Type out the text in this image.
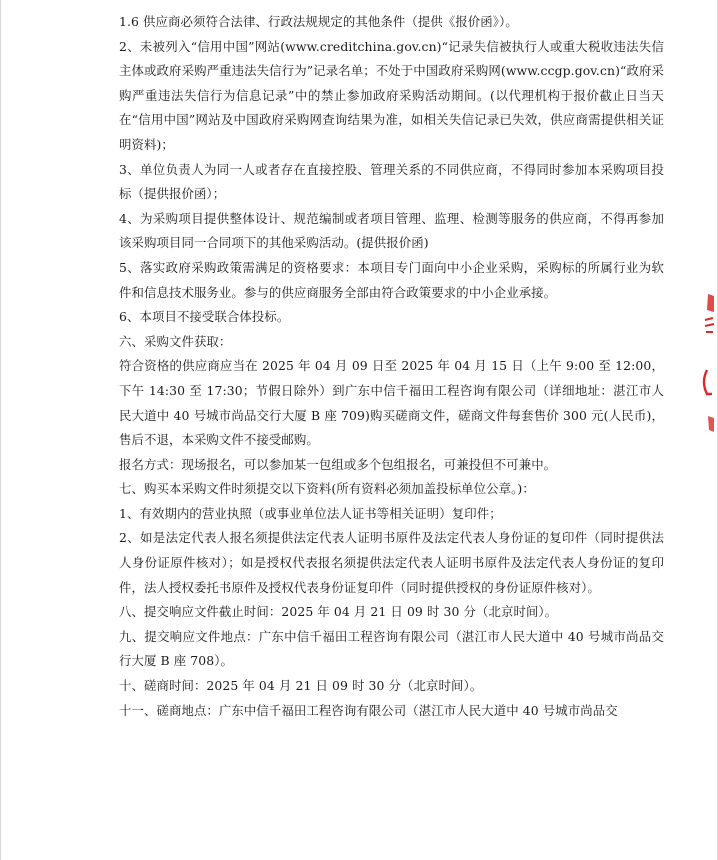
1.6 供应商必须符合法律、行政法规规定的其他条件（提供《报价函》）。

2、未被列入“信用中国”网站(www.creditchina.gov.cn)“记录失信被执行人或重大税收违法失信主体或政府采购严重违法失信行为”记录名单；不处于中国政府采购网(www.ccgp.gov.cn)“政府采购严重违法失信行为信息记录”中的禁止参加政府采购活动期间。(以代理机构于报价截止日当天在“信用中国”网站及中国政府采购网查询结果为准，如相关失信记录已失效，供应商需提供相关证明资料)；

3、单位负责人为同一人或者存在直接控股、管理关系的不同供应商，不得同时参加本采购项目投标（提供报价函）；

4、为采购项目提供整体设计、规范编制或者项目管理、监理、检测等服务的供应商，不得再参加该采购项目同一合同项下的其他采购活动。(提供报价函)

5、落实政府采购政策需满足的资格要求：本项目专门面向中小企业采购，采购标的所属行业为软件和信息技术服务业。参与的供应商服务全部由符合政策要求的中小企业承接。

6、本项目不接受联合体投标。

六、采购文件获取：

符合资格的供应商应当在 2025 年 04 月 09 日至 2025 年 04 月 15 日（上午 9:00 至 12:00，下午 14:30 至 17:30；节假日除外）到广东中信千福田工程咨询有限公司（详细地址：湛江市人民大道中 40 号城市尚品交行大厦 B 座 709)购买磋商文件，磋商文件每套售价 300 元(人民币)，售后不退，本采购文件不接受邮购。

报名方式：现场报名，可以参加某一包组或多个包组报名，可兼投但不可兼中。

七、购买本采购文件时须提交以下资料(所有资料必须加盖投标单位公章。)：

1、有效期内的营业执照（或事业单位法人证书等相关证明）复印件；

2、如是法定代表人报名须提供法定代表人证明书原件及法定代表人身份证的复印件（同时提供法人身份证原件核对）；如是授权代表报名须提供法定代表人证明书原件及法定代表人身份证的复印件，法人授权委托书原件及授权代表身份证复印件（同时提供授权的身份证原件核对）。

八、提交响应文件截止时间：2025 年 04 月 21 日 09 时 30 分（北京时间）。

九、提交响应文件地点：广东中信千福田工程咨询有限公司（湛江市人民大道中 40 号城市尚品交行大厦 B 座 708）。

十、磋商时间：2025 年 04 月 21 日 09 时 30 分（北京时间）。

十一、磋商地点：广东中信千福田工程咨询有限公司（湛江市人民大道中 40 号城市尚品交
